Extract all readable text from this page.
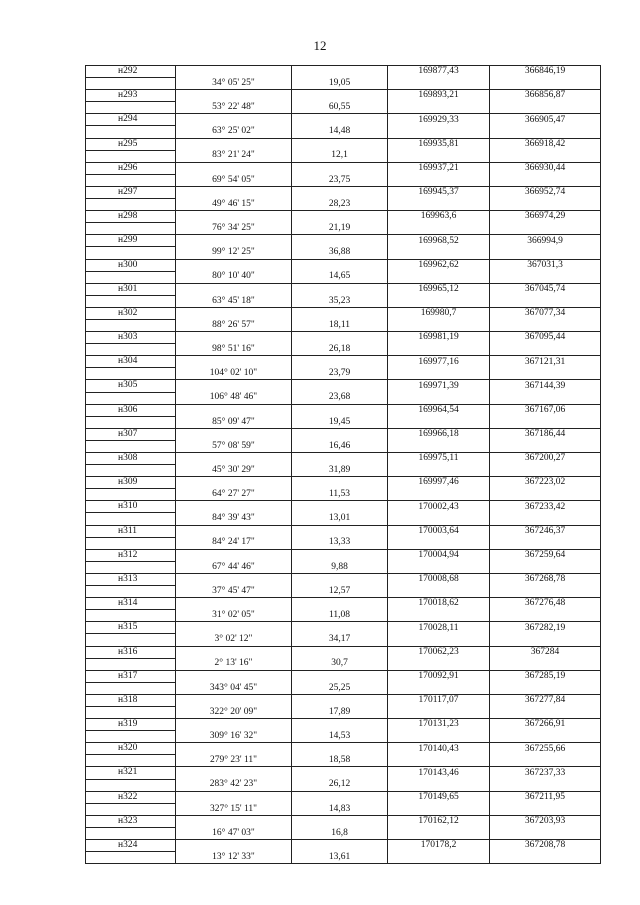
12
н292			169877,43	366846,19
	34° 05' 25"	19,05		
н293			169893,21	366856,87
	53° 22' 48"	60,55		
н294			169929,33	366905,47
	63° 25' 02"	14,48		
н295			169935,81	366918,42
	83° 21' 24"	12,1		
н296			169937,21	366930,44
	69° 54' 05"	23,75		
н297			169945,37	366952,74
	49° 46' 15"	28,23		
н298			169963,6	366974,29
	76° 34' 25"	21,19		
н299			169968,52	366994,9
	99° 12' 25"	36,88		
н300			169962,62	367031,3
	80° 10' 40"	14,65		
н301			169965,12	367045,74
	63° 45' 18"	35,23		
н302			169980,7	367077,34
	88° 26' 57"	18,11		
н303			169981,19	367095,44
	98° 51' 16"	26,18		
н304			169977,16	367121,31
	104° 02' 10"	23,79		
н305			169971,39	367144,39
	106° 48' 46"	23,68		
н306			169964,54	367167,06
	85° 09' 47"	19,45		
н307			169966,18	367186,44
	57° 08' 59"	16,46		
н308			169975,11	367200,27
	45° 30' 29"	31,89		
н309			169997,46	367223,02
	64° 27' 27"	11,53		
н310			170002,43	367233,42
	84° 39' 43"	13,01		
н311			170003,64	367246,37
	84° 24' 17"	13,33		
н312			170004,94	367259,64
	67° 44' 46"	9,88		
н313			170008,68	367268,78
	37° 45' 47"	12,57		
н314			170018,62	367276,48
	31° 02' 05"	11,08		
н315			170028,11	367282,19
	3° 02' 12"	34,17		
н316			170062,23	367284
	2° 13' 16"	30,7		
н317			170092,91	367285,19
	343° 04' 45"	25,25		
н318			170117,07	367277,84
	322° 20' 09"	17,89		
н319			170131,23	367266,91
	309° 16' 32"	14,53		
н320			170140,43	367255,66
	279° 23' 11"	18,58		
н321			170143,46	367237,33
	283° 42' 23"	26,12		
н322			170149,65	367211,95
	327° 15' 11"	14,83		
н323			170162,12	367203,93
	16° 47' 03"	16,8		
н324			170178,2	367208,78
	13° 12' 33"	13,61		
